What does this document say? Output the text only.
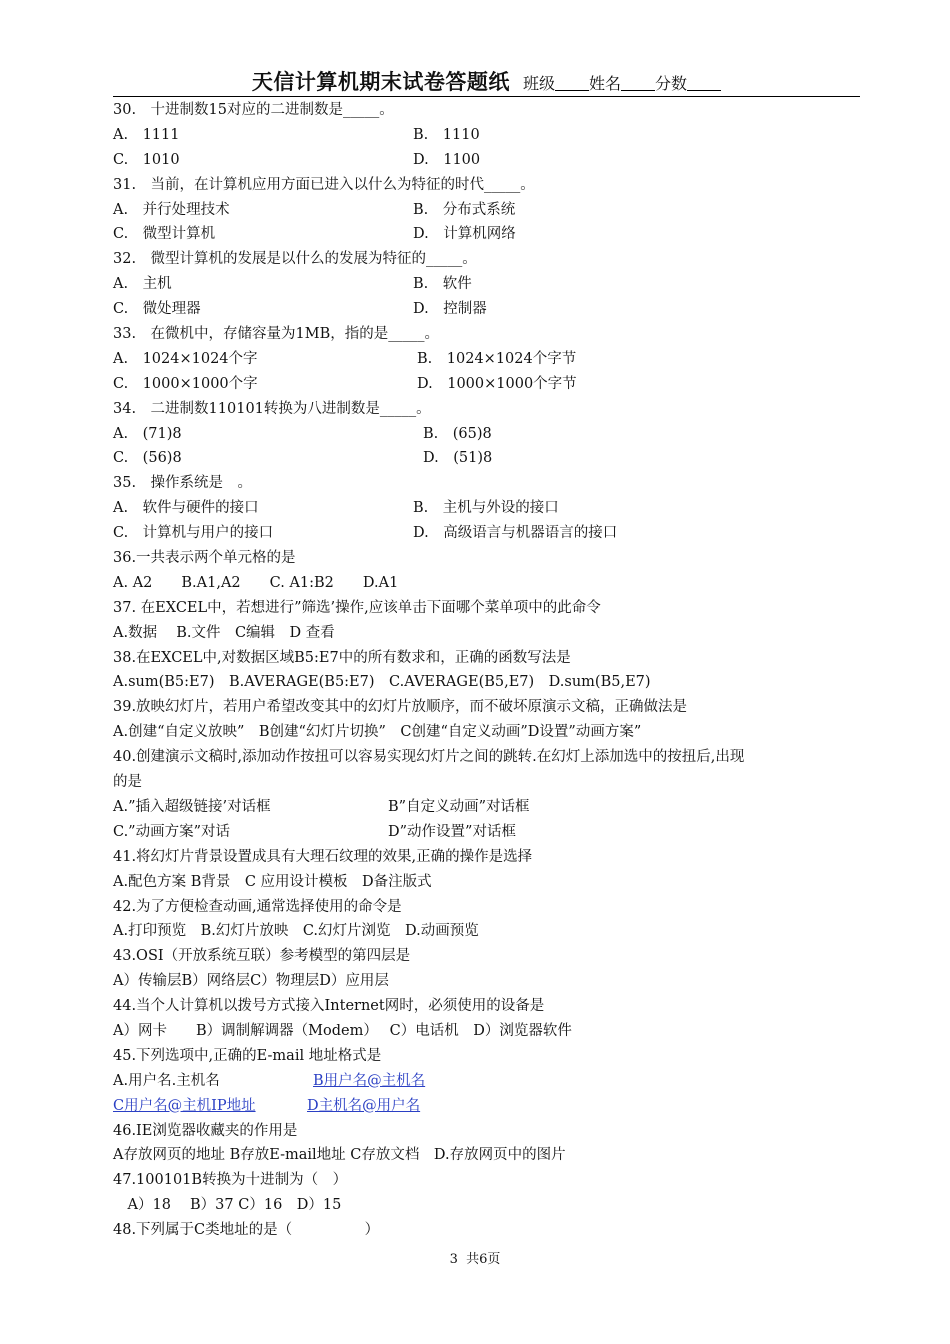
天信计算机期末试卷答题纸 班级 姓名 分数
30.　十进制数15对应的二进制数是_____。
A.　1111	B.　1110
C.　1010	D.　1100
31.　当前，在计算机应用方面已进入以什么为特征的时代_____。
A.　并行处理技术	B.　分布式系统
C.　微型计算机	D.　计算机网络
32.　微型计算机的发展是以什么的发展为特征的_____。
A.　主机	B.　软件
C.　微处理器	D.　控制器
33.　在微机中，存储容量为1MB，指的是_____。
A.　1024×1024个字	B.　1024×1024个字节
C.　1000×1000个字	D.　1000×1000个字节
34.　二进制数110101转换为八进制数是_____。
A.　(71)8	B.　(65)8
C.　(56)8	D.　(51)8
35.　操作系统是　。
A.　软件与硬件的接口	B.　主机与外设的接口
C.　计算机与用户的接口	D.　高级语言与机器语言的接口
36.一共表示两个单元格的是
A. A2　　B.A1,A2　　C. A1:B2　　D.A1
37. 在EXCEL中，若想进行”筛选’操作,应该单击下面哪个菜单项中的此命令
A.数据　 B.文件　C编辑　D 查看
38.在EXCEL中,对数据区域B5:E7中的所有数求和，正确的函数写法是
A.sum(B5:E7)　B.AVERAGE(B5:E7)　C.AVERAGE(B5,E7)　D.sum(B5,E7)
39.放映幻灯片，若用户希望改变其中的幻灯片放顺序，而不破坏原演示文稿，正确做法是
A.创建“自定义放映”　B创建“幻灯片切换”　C创建“自定义动画”D设置”动画方案”
40.创建演示文稿时,添加动作按扭可以容易实现幻灯片之间的跳转.在幻灯上添加选中的按扭后,出现
的是
A.”插入超级链接’对话框	B”自定义动画”对话框
C.”动画方案”对话	D”动作设置”对话框
41.将幻灯片背景设置成具有大理石纹理的效果,正确的操作是选择
A.配色方案 B背景　C 应用设计模板　D备注版式
42.为了方便检查动画,通常选择使用的命令是
A.打印预览　B.幻灯片放映　C.幻灯片浏览　D.动画预览
43.OSI（开放系统互联）参考模型的第四层是
A）传输层B）网络层C）物理层D）应用层
44.当个人计算机以拨号方式接入Internet网时，必须使用的设备是
A）网卡　　B）调制解调器（Modem）　 C）电话机　D）浏览器软件
45.下列选项中,正确的E-mail 地址格式是
A.用户名.主机名	B用户名@主机名
C用户名@主机IP地址	D主机名@用户名
46.IE浏览器收藏夹的作用是
A存放网页的地址 B存放E-mail地址 C存放文档　D.存放网页中的图片
47.100101B转换为十进制为（　）
　A）18　 B）37 C）16　D）15
48.下列属于C类地址的是（　　　　　）
3 共6页
